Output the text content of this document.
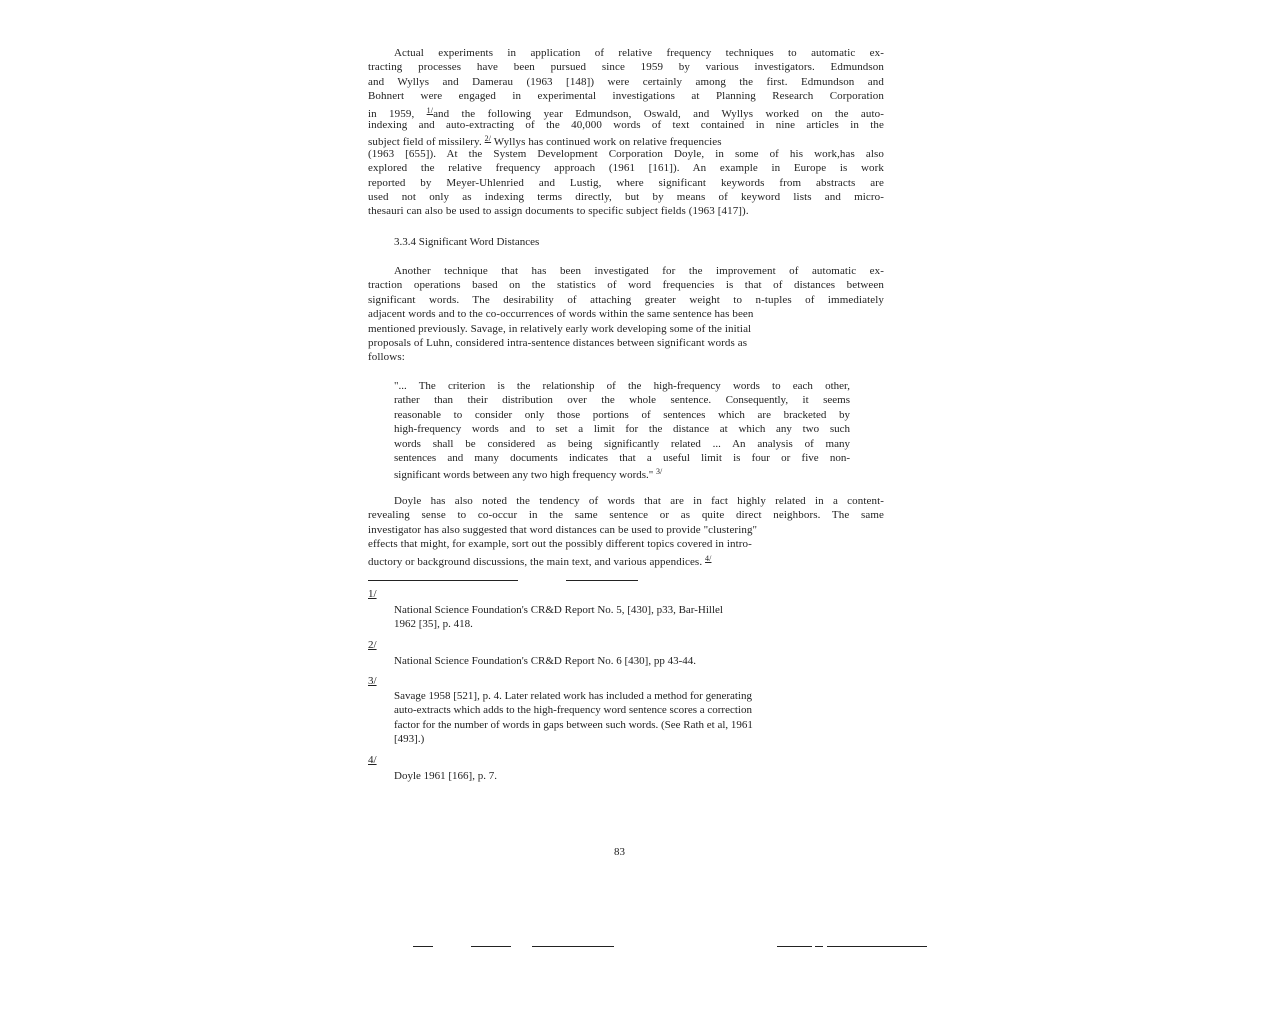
Actual experiments in application of relative frequency techniques to automatic ex-
tracting processes have been pursued since 1959 by various investigators. Edmundson
and Wyllys and Damerau (1963 [148]) were certainly among the first. Edmundson and
Bohnert were engaged in experimental investigations at Planning Research Corporation
in 1959, $^{1/}$and the following year Edmundson, Oswald, and Wyllys worked on the auto-
indexing and auto-extracting of the 40,000 words of text contained in nine articles in the
subject field of missilery. $^{2/}$ Wyllys has continued work on relative frequencies
(1963 [655]). At the System Development Corporation Doyle, in some of his work,has also
explored the relative frequency approach (1961 [161]). An example in Europe is work
reported by Meyer-Uhlenried and Lustig, where significant keywords from abstracts are
used not only as indexing terms directly, but by means of keyword lists and micro-
thesauri can also be used to assign documents to specific subject fields (1963 [417]).
3.3.4 Significant Word Distances
Another technique that has been investigated for the improvement of automatic ex-
traction operations based on the statistics of word frequencies is that of distances between
significant words. The desirability of attaching greater weight to n-tuples of immediately
adjacent words and to the co-occurrences of words within the same sentence has been
mentioned previously. Savage, in relatively early work developing some of the initial
proposals of Luhn, considered intra-sentence distances between significant words as
follows:
"... The criterion is the relationship of the high-frequency words to each other,
rather than their distribution over the whole sentence. Consequently, it seems
reasonable to consider only those portions of sentences which are bracketed by
high-frequency words and to set a limit for the distance at which any two such
words shall be considered as being significantly related ... An analysis of many
sentences and many documents indicates that a useful limit is four or five non-
significant words between any two high frequency words." $^{3/}$
Doyle has also noted the tendency of words that are in fact highly related in a content-
revealing sense to co-occur in the same sentence or as quite direct neighbors. The same
investigator has also suggested that word distances can be used to provide "clustering"
effects that might, for example, sort out the possibly different topics covered in intro-
ductory or background discussions, the main text, and various appendices. $^{4/}$
1/
National Science Foundation's CR&D Report No. 5, [430], p33, Bar-Hillel
1962 [35], p. 418.
2/
National Science Foundation's CR&D Report No. 6 [430], pp 43-44.
3/
Savage 1958 [521], p. 4. Later related work has included a method for generating
auto-extracts which adds to the high-frequency word sentence scores a correction
factor for the number of words in gaps between such words. (See Rath et al, 1961
[493].)
4/
Doyle 1961 [166], p. 7.
83
